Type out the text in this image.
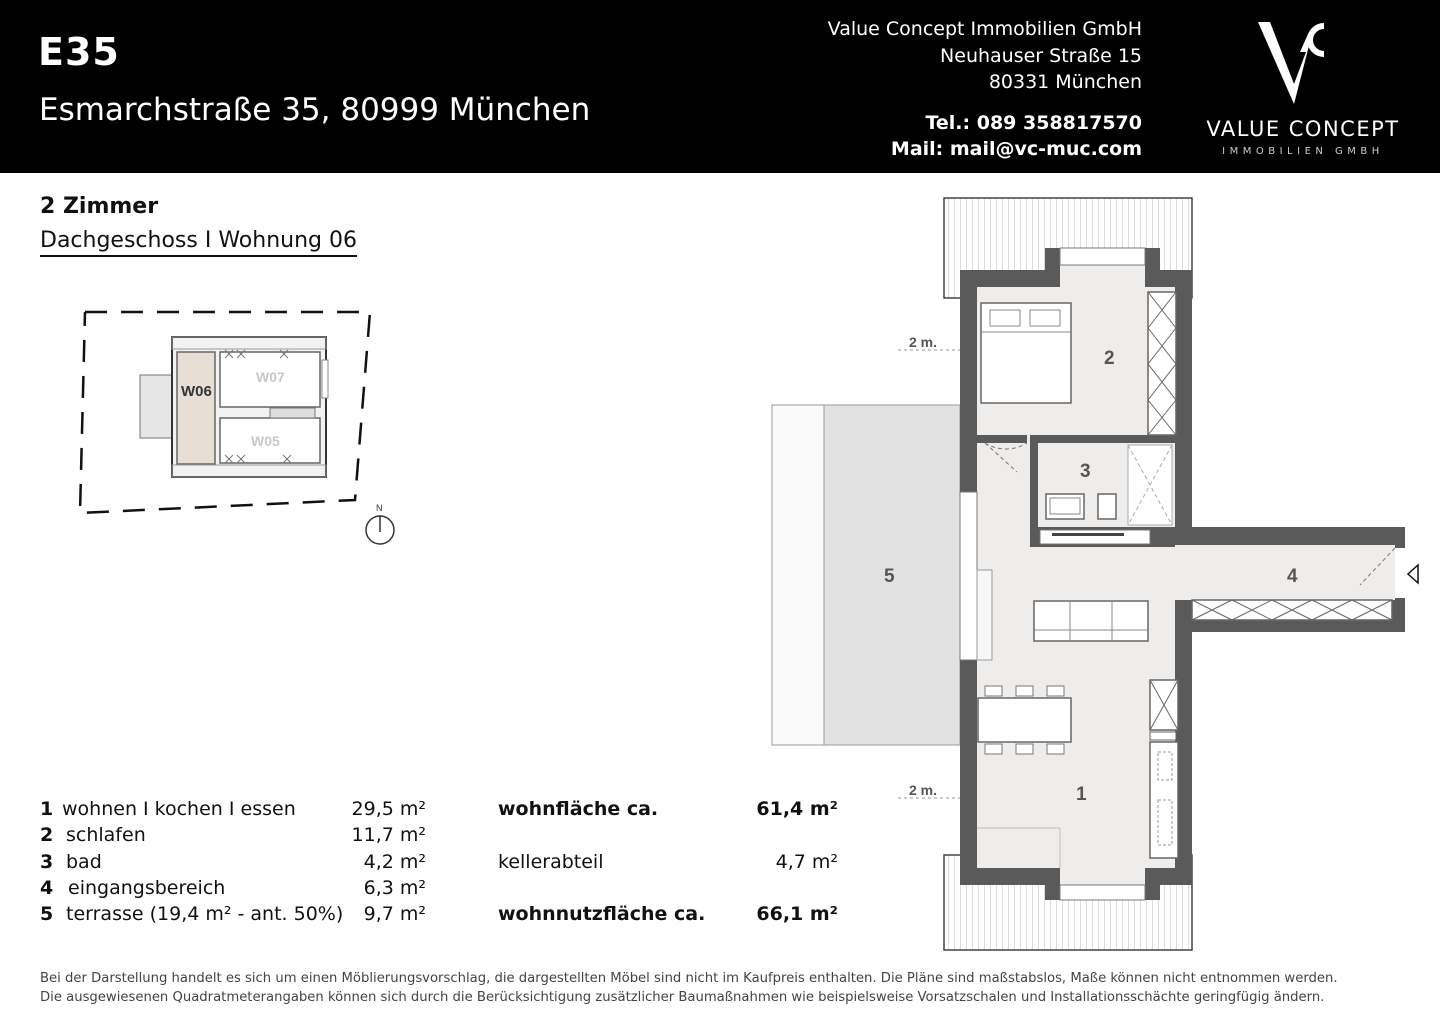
E35
Esmarchstraße 35, 80999 München
Value Concept Immobilien GmbH
Neuhauser Straße 15
80331 München
Tel.: 089 358817570
Mail: mail@vc-muc.com
VALUE CONCEPT
IMMOBILIEN GMBH
2 Zimmer
Dachgeschoss I Wohnung 06
W06
W07
W05
N
2 m.
2 m.	1
2
3
4
5
1 wohnen I kochen I essen	29,5 m²
2 schlafen	11,7 m²
3 bad	4,2 m²
4 eingangsbereich	6,3 m²
5 terrasse (19,4 m² - ant. 50%) 9,7 m²
wohnfläche ca.	61,4 m²
kellerabteil	4,7 m²
wohnnutzfläche ca.	66,1 m²
Bei der Darstellung handelt es sich um einen Möblierungsvorschlag, die dargestellten Möbel sind nicht im Kaufpreis enthalten. Die Pläne sind maßstabslos, Maße können nicht entnommen werden.
Die ausgewiesenen Quadratmeterangaben können sich durch die Berücksichtigung zusätzlicher Baumaßnahmen wie beispielsweise Vorsatzschalen und Installationsschächte geringfügig ändern.
